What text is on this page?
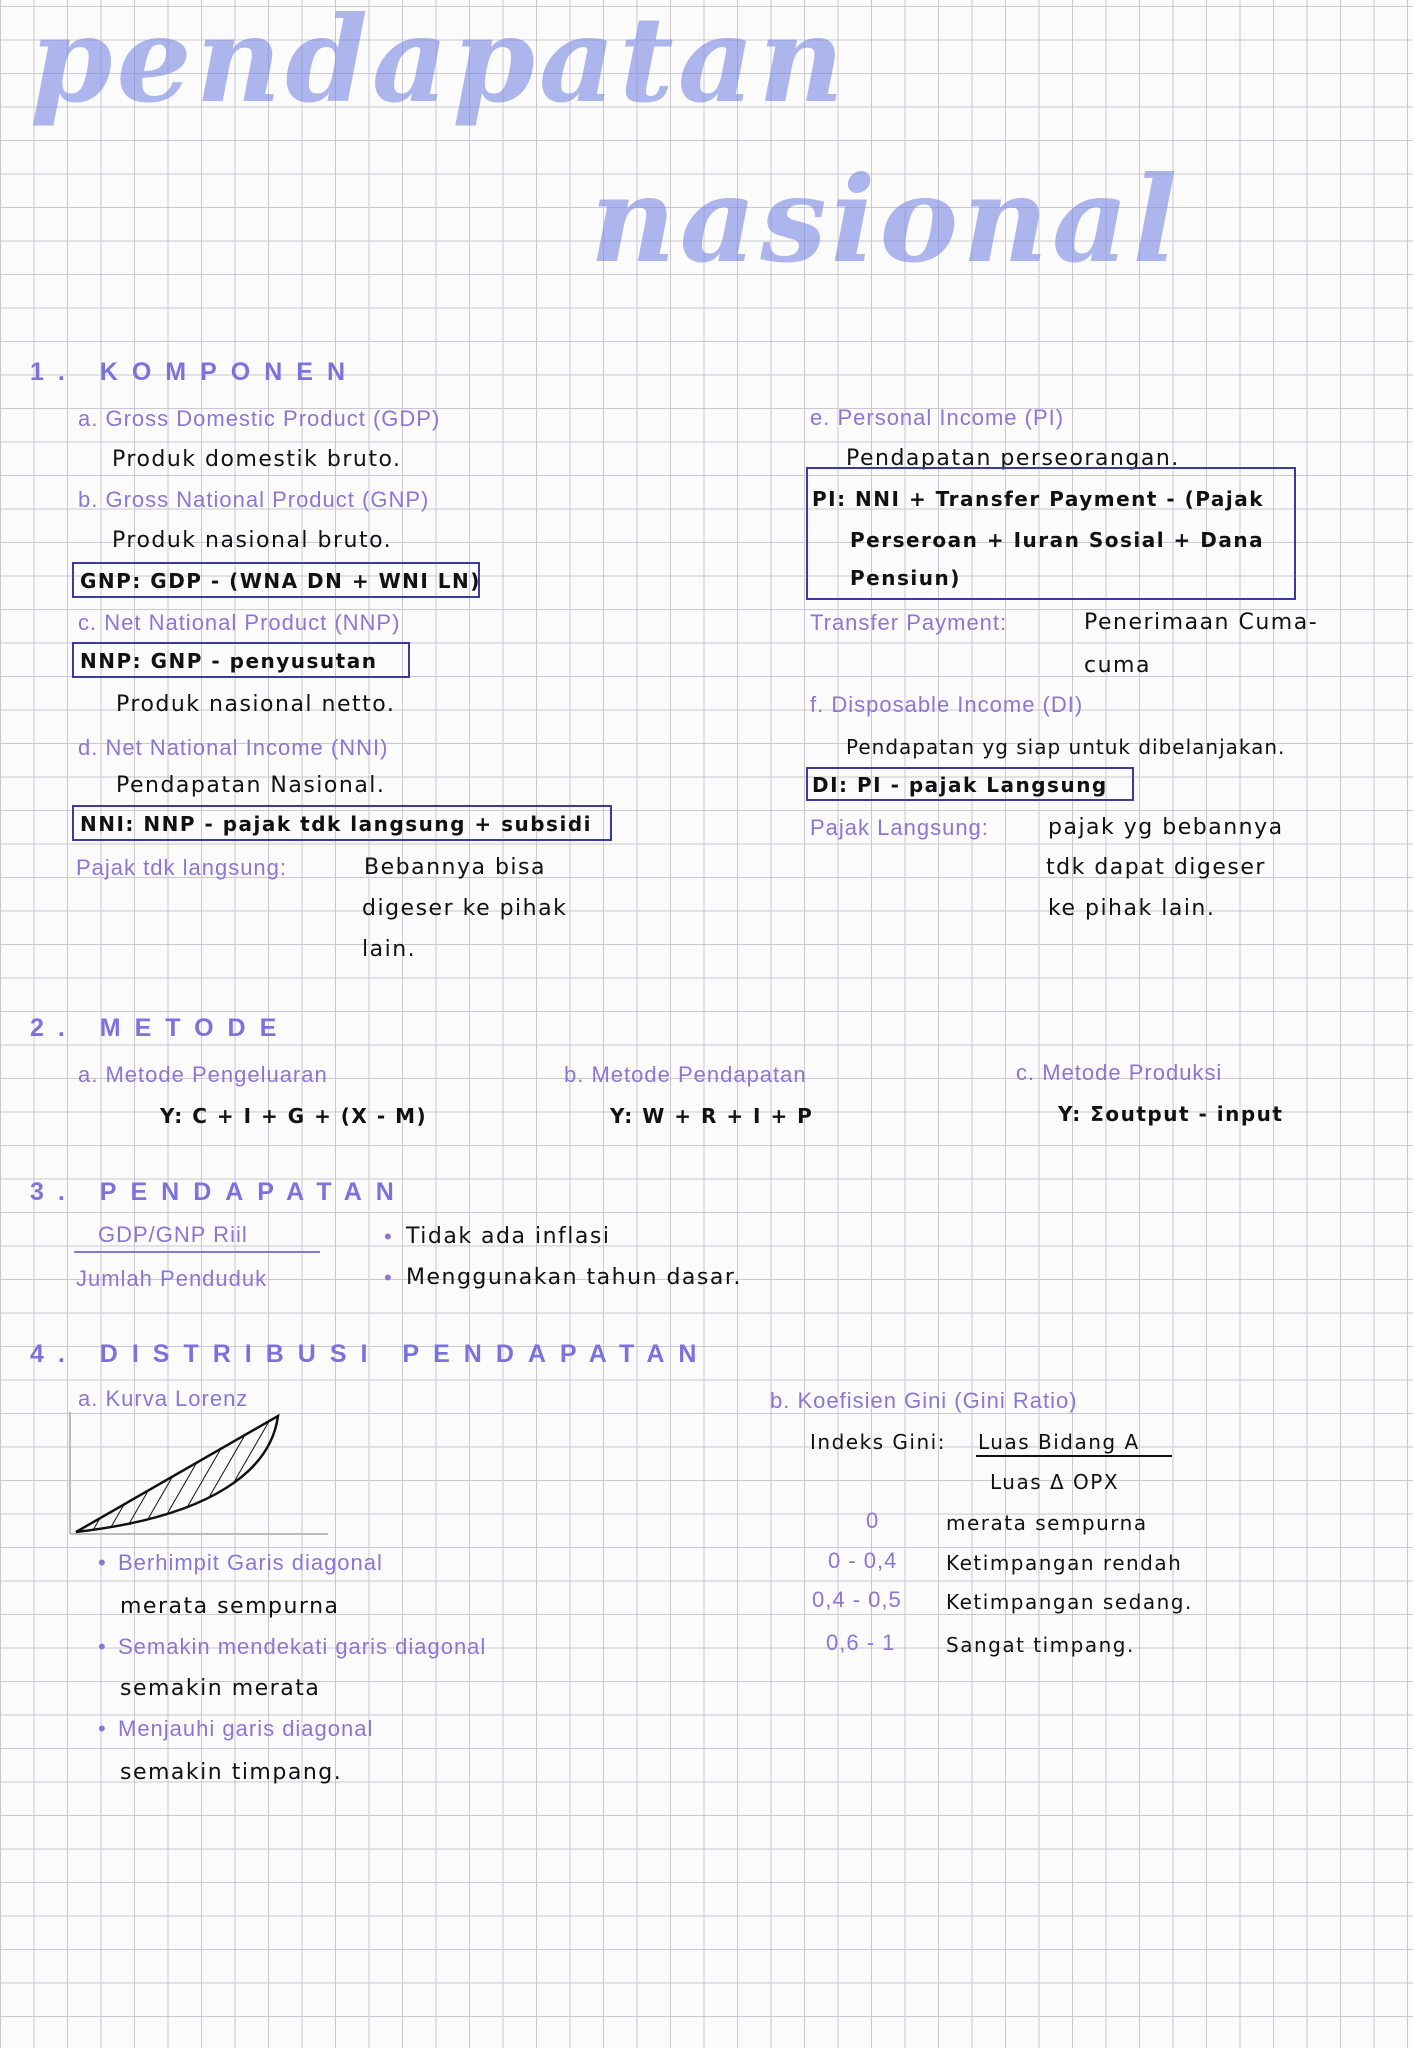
pendapatan
nasional
1. KOMPONEN
a. Gross Domestic Product (GDP)
Produk domestik bruto.
b. Gross National Product (GNP)
Produk nasional bruto.
GNP: GDP - (WNA DN + WNI LN)
c. Net National Product (NNP)
NNP: GNP - penyusutan
Produk nasional netto.
d. Net National Income (NNI)
Pendapatan Nasional.
NNI: NNP - pajak tdk langsung + subsidi
Pajak tdk langsung:	Bebannya bisa
digeser ke pihak
lain.
e. Personal Income (PI)
Pendapatan perseorangan.
PI: NNI + Transfer Payment - (Pajak
Perseroan + Iuran Sosial + Dana
Pensiun)
Transfer Payment:	Penerimaan Cuma-
cuma
f. Disposable Income (DI)
Pendapatan yg siap untuk dibelanjakan.
DI: PI - pajak Langsung
Pajak Langsung:	pajak yg bebannya
tdk dapat digeser
ke pihak lain.
2. METODE
a. Metode Pengeluaran
Y: C + I + G + (X - M)
b. Metode Pendapatan
Y: W + R + I + P
c. Metode Produksi
Y: Σoutput - input
3. PENDAPATAN
GDP/GNP Riil
Jumlah Penduduk
• Tidak ada inflasi
• Menggunakan tahun dasar.
4. DISTRIBUSI PENDAPATAN
a. Kurva Lorenz
• Berhimpit Garis diagonal
merata sempurna
• Semakin mendekati garis diagonal
semakin merata
• Menjauhi garis diagonal
semakin timpang.
b. Koefisien Gini (Gini Ratio)
Indeks Gini: Luas Bidang A
Luas Δ OPX
0	merata sempurna
0 - 0,4 Ketimpangan rendah
0,4 - 0,5 Ketimpangan sedang.
0,6 - 1	Sangat timpang.
